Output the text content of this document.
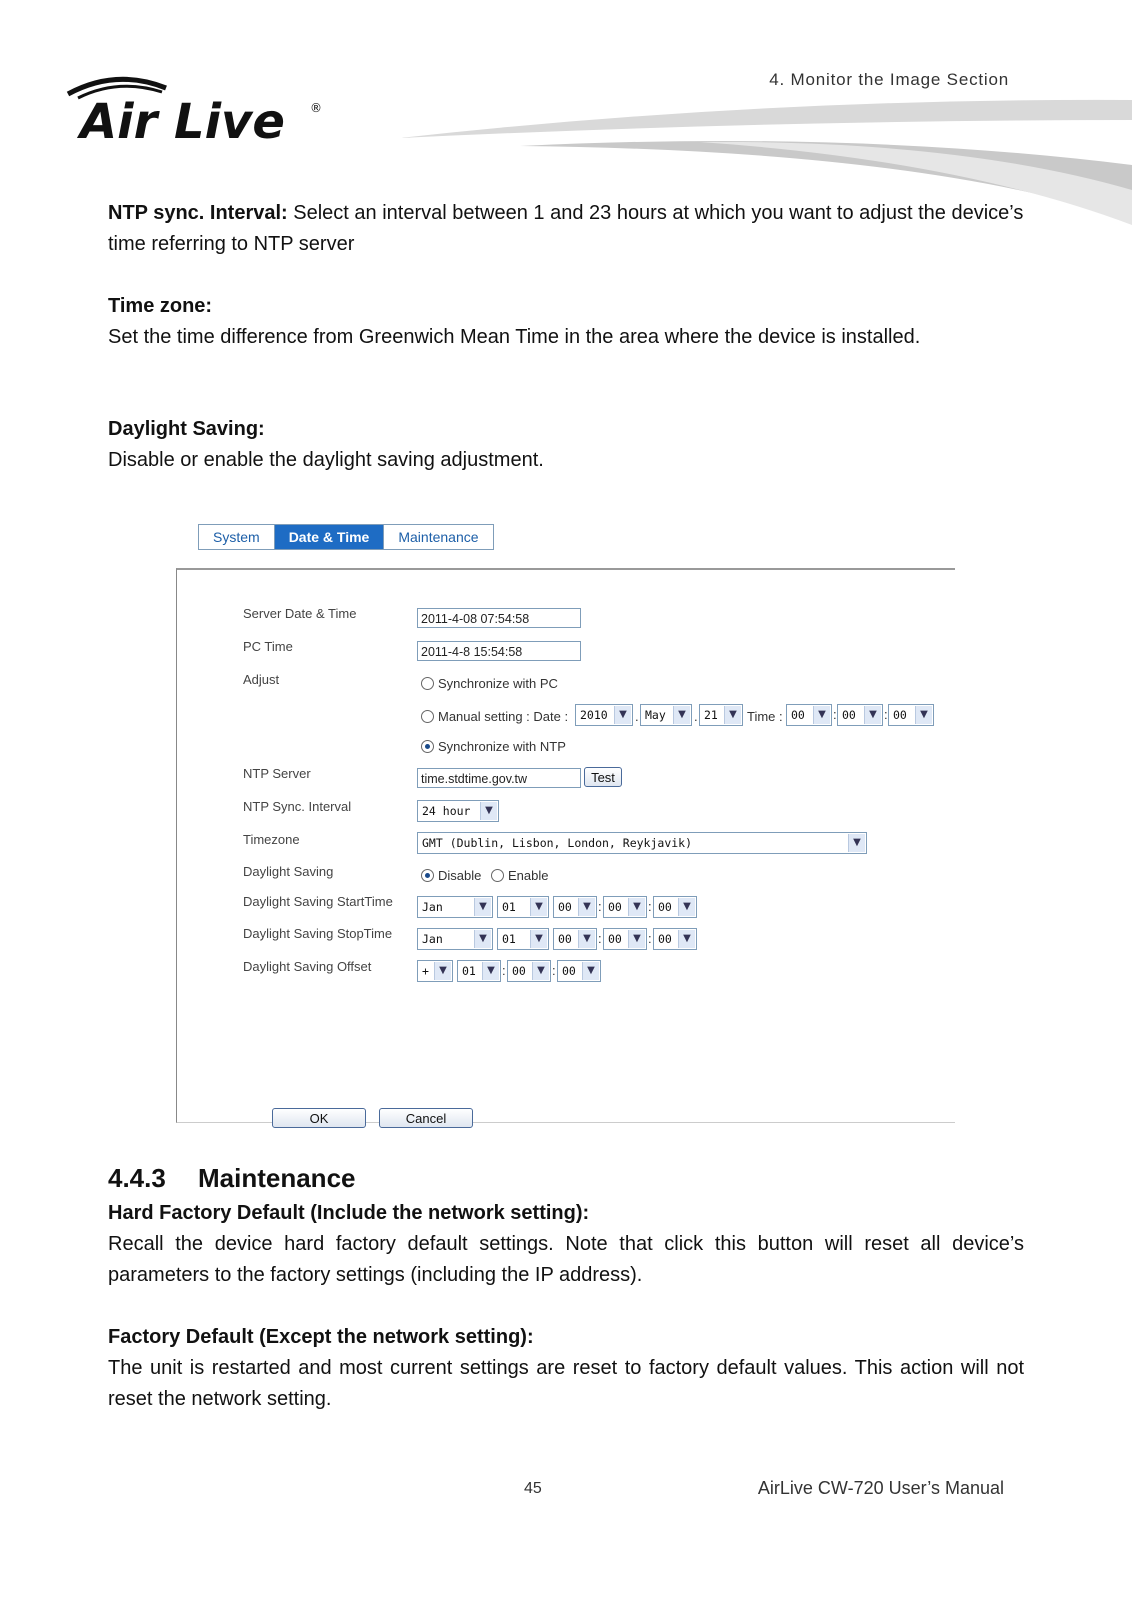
4. Monitor the Image Section
Air Live ®
NTP sync. Interval: Select an interval between 1 and 23 hours at which you want to adjust the device’s time referring to NTP server
Time zone:
Set the time difference from Greenwich Mean Time in the area where the device is installed.
Daylight Saving:
Disable or enable the daylight saving adjustment.
System	Date & Time	Maintenance
Server Date & Time	2011-4-08 07:54:58
PC Time	2011-4-8 15:54:58
Adjust	Synchronize with PC
Manual setting : Date :	2010	▼ . May	▼ . 21	▼ Time : 00	▼ : 00	▼ : 00	▼
Synchronize with NTP
NTP Server	time.stdtime.gov.tw	Test
NTP Sync. Interval	24 hour	▼
Timezone	GMT (Dublin, Lisbon, London, Reykjavik)	▼
Daylight Saving	Disable Enable
Daylight Saving StartTime	Jan	▼	01	▼	00	▼ : 00	▼ : 00	▼
Daylight Saving StopTime	Jan	▼	01	▼	00	▼ : 00	▼ : 00	▼
Daylight Saving Offset	+	▼	01	▼ : 00	▼ : 00	▼
OK	Cancel
4.4.3 Maintenance
Hard Factory Default (Include the network setting):
Recall the device hard factory default settings. Note that click this button will reset all device’s parameters to the factory settings (including the IP address).
Factory Default (Except the network setting):
The unit is restarted and most current settings are reset to factory default values. This action will not reset the network setting.
45	AirLive CW-720 User’s Manual
